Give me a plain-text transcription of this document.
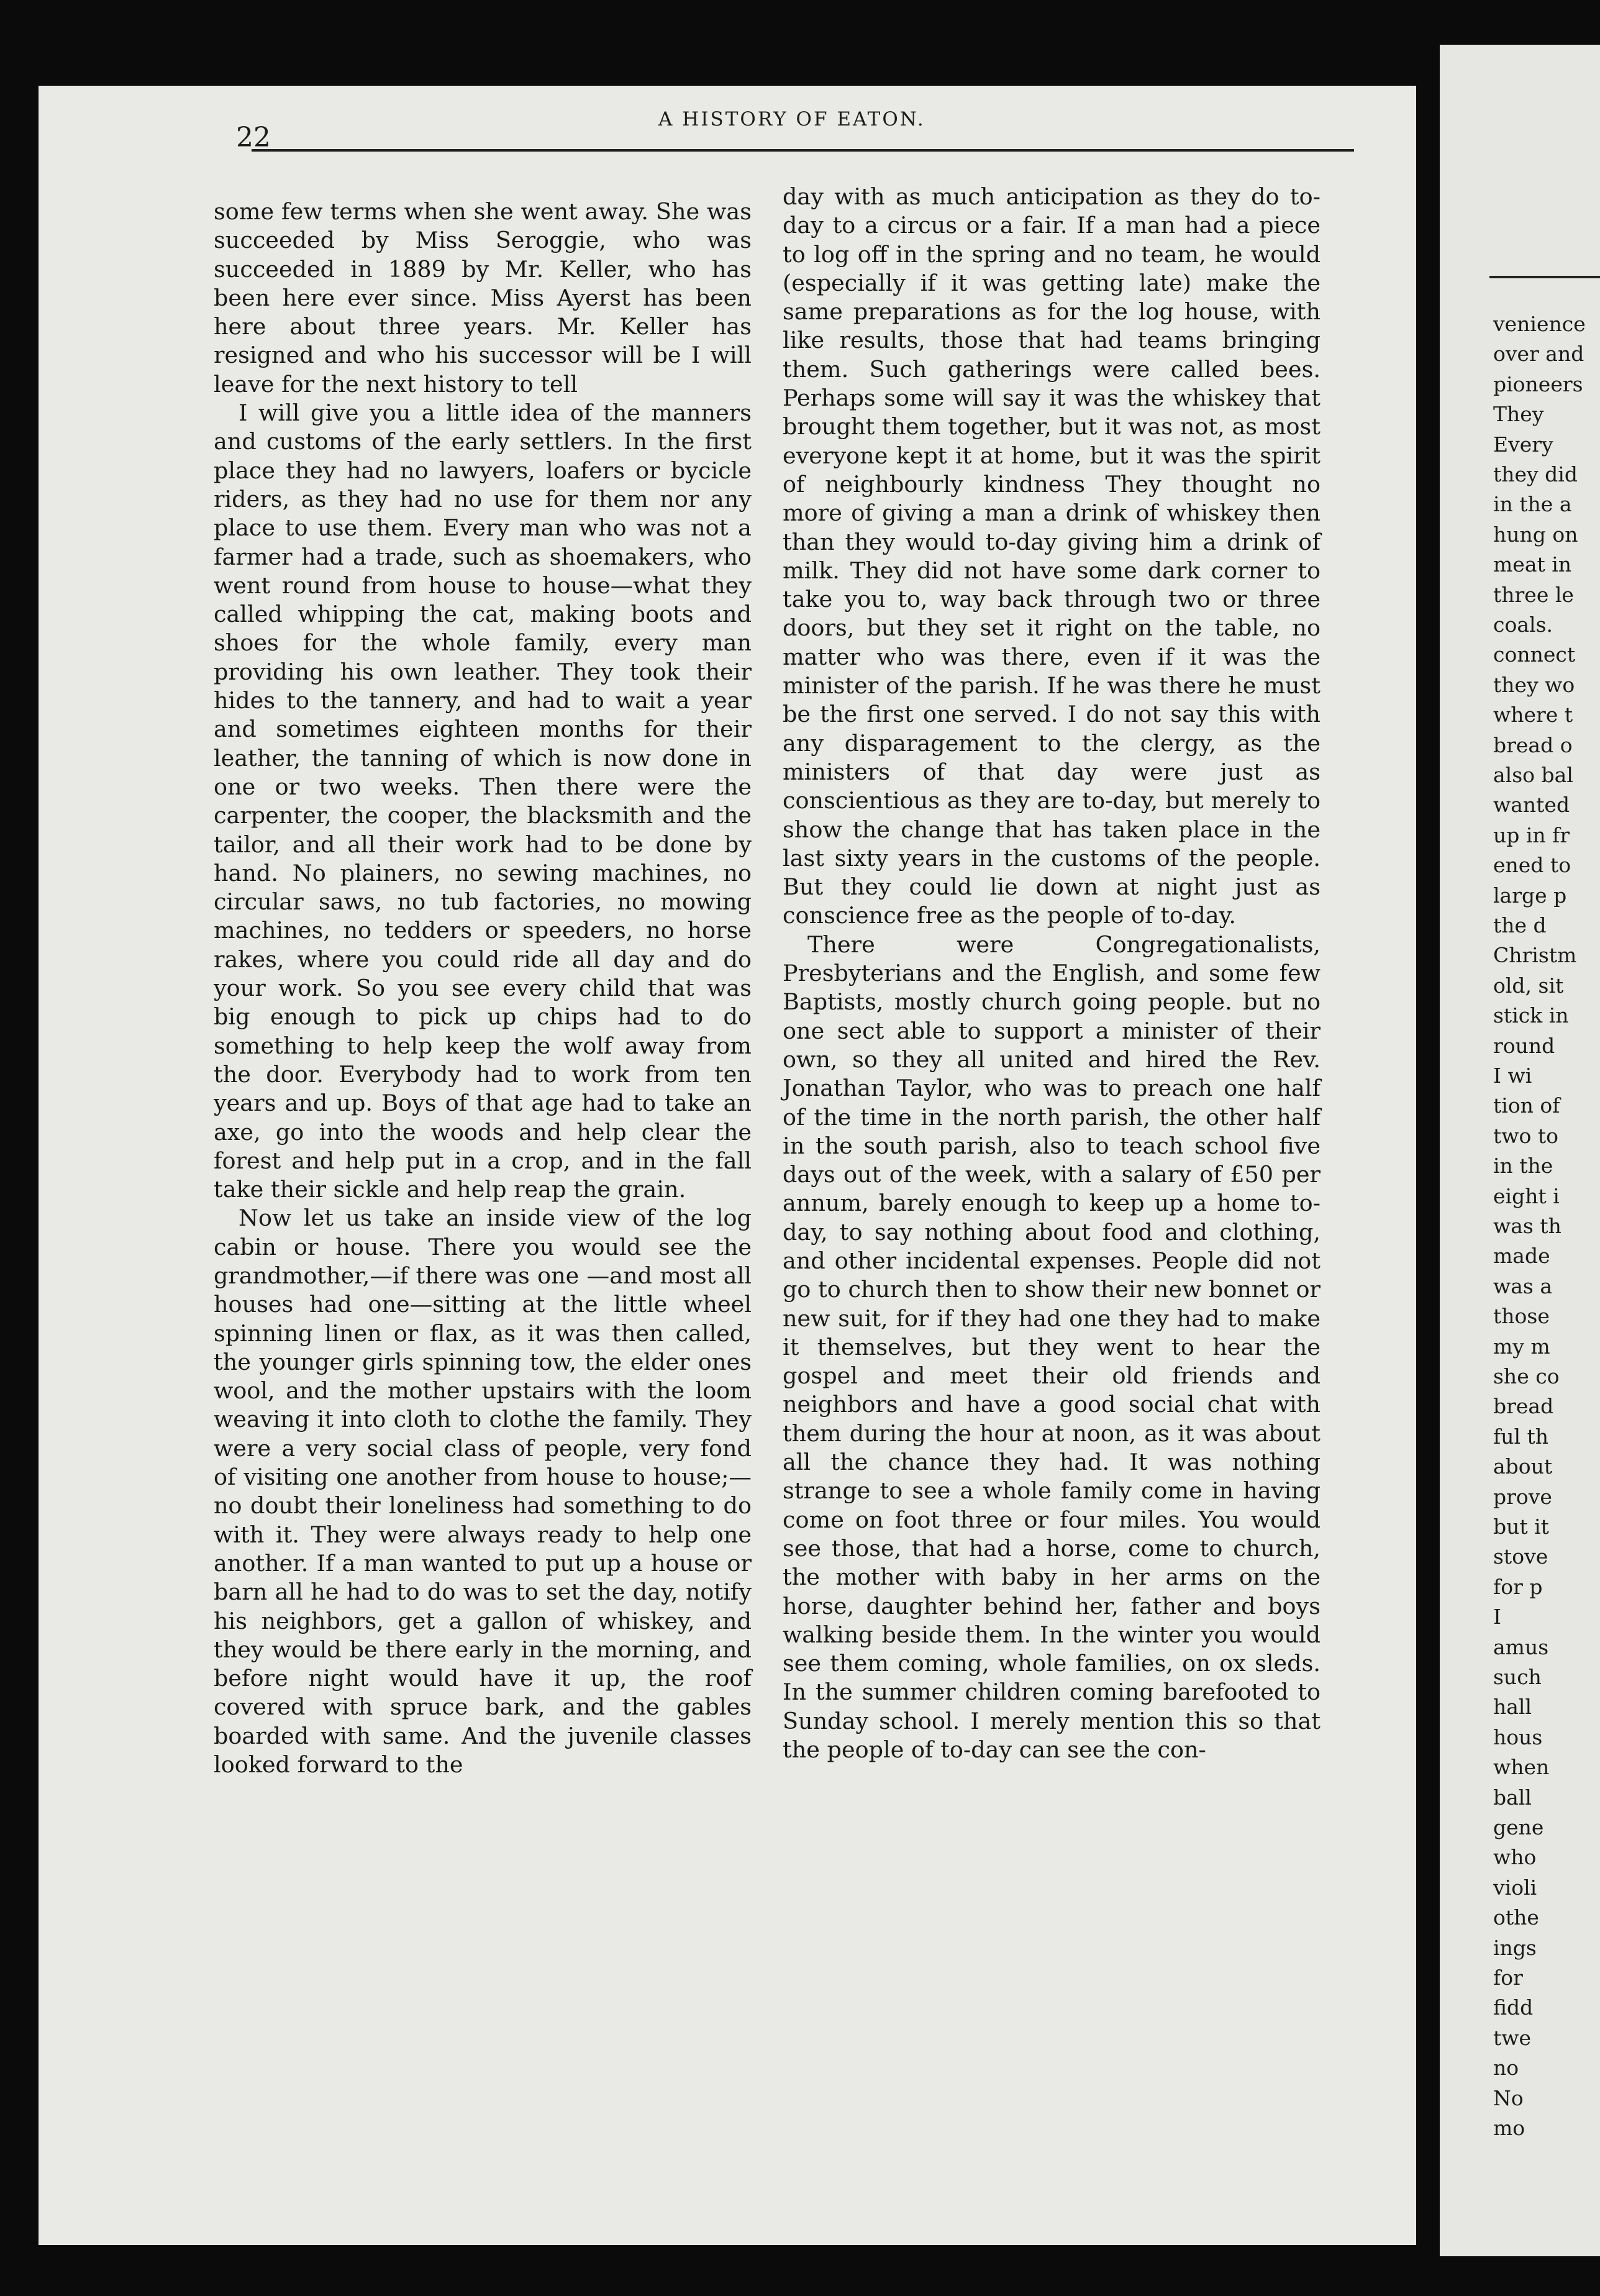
venience
over and
pioneers
They
Every
they did
in the a
hung on
meat in
three le
coals.
connect
they wo
where t
bread o
also bal
wanted
up in fr
ened to
large p
the d
Christm
old, sit
stick in
round
I wi
tion of
two to
in the
eight i
was th
made
was a
those
my m
she co
bread
ful th
about
prove
but it
stove
for p
I
amus
such
hall
hous
when
ball
gene
who
violi
othe
ings
for
fidd
twe
no
No
mo
22
A HISTORY OF EATON.

some few terms when she went away. She was succeeded by Miss Seroggie, who was succeeded in 1889 by Mr. Keller, who has been here ever since. Miss Ayerst has been here about three years. Mr. Keller has resigned and who his successor will be I will leave for the next history to tell

I will give you a little idea of the manners and customs of the early settlers. In the first place they had no lawyers, loafers or bycicle riders, as they had no use for them nor any place to use them. Every man who was not a farmer had a trade, such as shoemakers, who went round from house to house—what they called whipping the cat, making boots and shoes for the whole family, every man providing his own leather. They took their hides to the tannery, and had to wait a year and sometimes eighteen months for their leather, the tanning of which is now done in one or two weeks. Then there were the carpenter, the cooper, the blacksmith and the tailor, and all their work had to be done by hand. No plainers, no sewing machines, no circular saws, no tub factories, no mowing machines, no tedders or speeders, no horse rakes, where you could ride all day and do your work. So you see every child that was big enough to pick up chips had to do something to help keep the wolf away from the door. Everybody had to work from ten years and up. Boys of that age had to take an axe, go into the woods and help clear the forest and help put in a crop, and in the fall take their sickle and help reap the grain.

Now let us take an inside view of the log cabin or house. There you would see the grandmother,—if there was one —and most all houses had one—sitting at the little wheel spinning linen or flax, as it was then called, the younger girls spinning tow, the elder ones wool, and the mother upstairs with the loom weaving it into cloth to clothe the family. They were a very social class of people, very fond of visiting one another from house to house;—no doubt their loneliness had something to do with it. They were always ready to help one another. If a man wanted to put up a house or barn all he had to do was to set the day, notify his neighbors, get a gallon of whiskey, and they would be there early in the morning, and before night would have it up, the roof covered with spruce bark, and the gables boarded with same. And the juvenile classes looked forward to the

day with as much anticipation as they do to-day to a circus or a fair. If a man had a piece to log off in the spring and no team, he would (especially if it was getting late) make the same preparations as for the log house, with like results, those that had teams bringing them. Such gatherings were called bees. Perhaps some will say it was the whiskey that brought them together, but it was not, as most everyone kept it at home, but it was the spirit of neighbourly kindness They thought no more of giving a man a drink of whiskey then than they would to-day giving him a drink of milk. They did not have some dark corner to take you to, way back through two or three doors, but they set it right on the table, no matter who was there, even if it was the minister of the parish. If he was there he must be the first one served. I do not say this with any disparagement to the clergy, as the ministers of that day were just as conscientious as they are to-day, but merely to show the change that has taken place in the last sixty years in the customs of the people. But they could lie down at night just as conscience free as the people of to-day.

There were Congregationalists, Presbyterians and the English, and some few Baptists, mostly church going people. but no one sect able to support a minister of their own, so they all united and hired the Rev. Jonathan Taylor, who was to preach one half of the time in the north parish, the other half in the south parish, also to teach school five days out of the week, with a salary of £50 per annum, barely enough to keep up a home to-day, to say nothing about food and clothing, and other incidental expenses. People did not go to church then to show their new bonnet or new suit, for if they had one they had to make it themselves, but they went to hear the gospel and meet their old friends and neighbors and have a good social chat with them during the hour at noon, as it was about all the chance they had. It was nothing strange to see a whole family come in having come on foot three or four miles. You would see those, that had a horse, come to church, the mother with baby in her arms on the horse, daughter behind her, father and boys walking beside them. In the winter you would see them coming, whole families, on ox sleds. In the summer children coming barefooted to Sunday school. I merely mention this so that the people of to-day can see the con-
